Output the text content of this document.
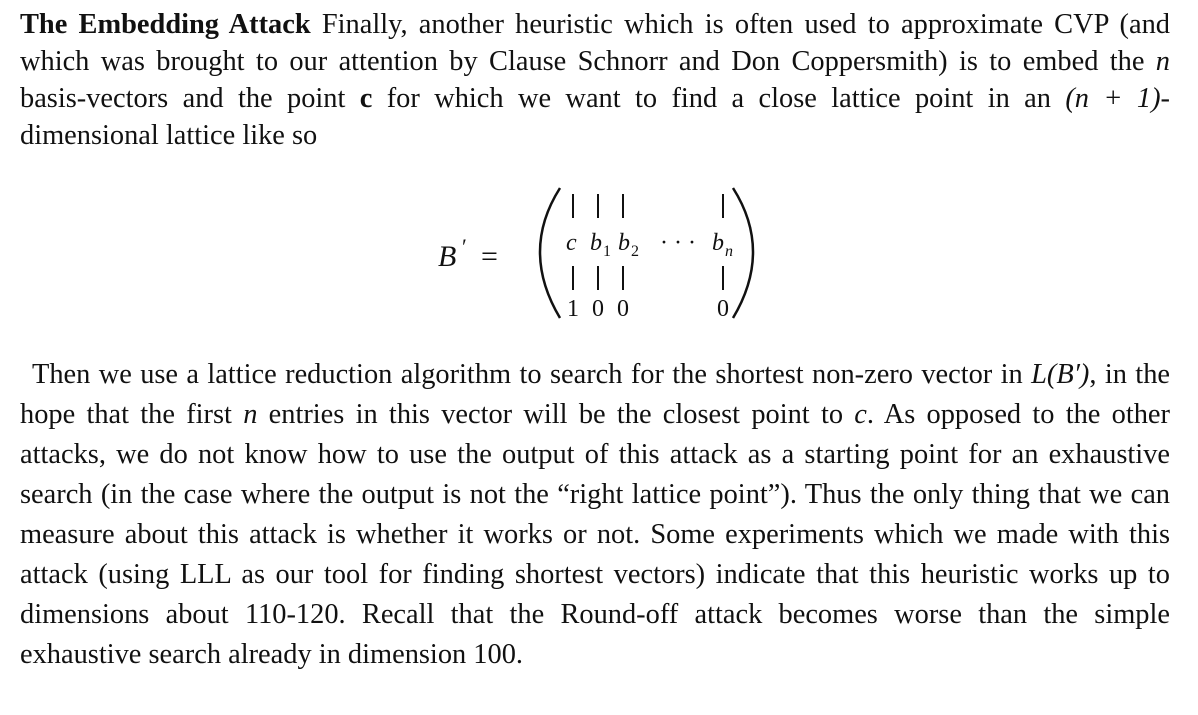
The Embedding Attack Finally, another heuristic which is often used to approximate CVP (and which was brought to our attention by Clause Schnorr and Don Coppersmith) is to embed the n basis-vectors and the point c for which we want to find a close lattice point in an (n + 1)-dimensional lattice like so

B ′ =	c b 1 b 2 · · · b n
1 0 0	0

Then we use a lattice reduction algorithm to search for the shortest non-zero vector in L(B′), in the hope that the first n entries in this vector will be the closest point to c. As opposed to the other attacks, we do not know how to use the output of this attack as a starting point for an exhaustive search (in the case where the output is not the “right lattice point”). Thus the only thing that we can measure about this attack is whether it works or not. Some experiments which we made with this attack (using LLL as our tool for finding shortest vectors) indicate that this heuristic works up to dimensions about 110-120. Recall that the Round-off attack becomes worse than the simple exhaustive search already in dimension 100.
